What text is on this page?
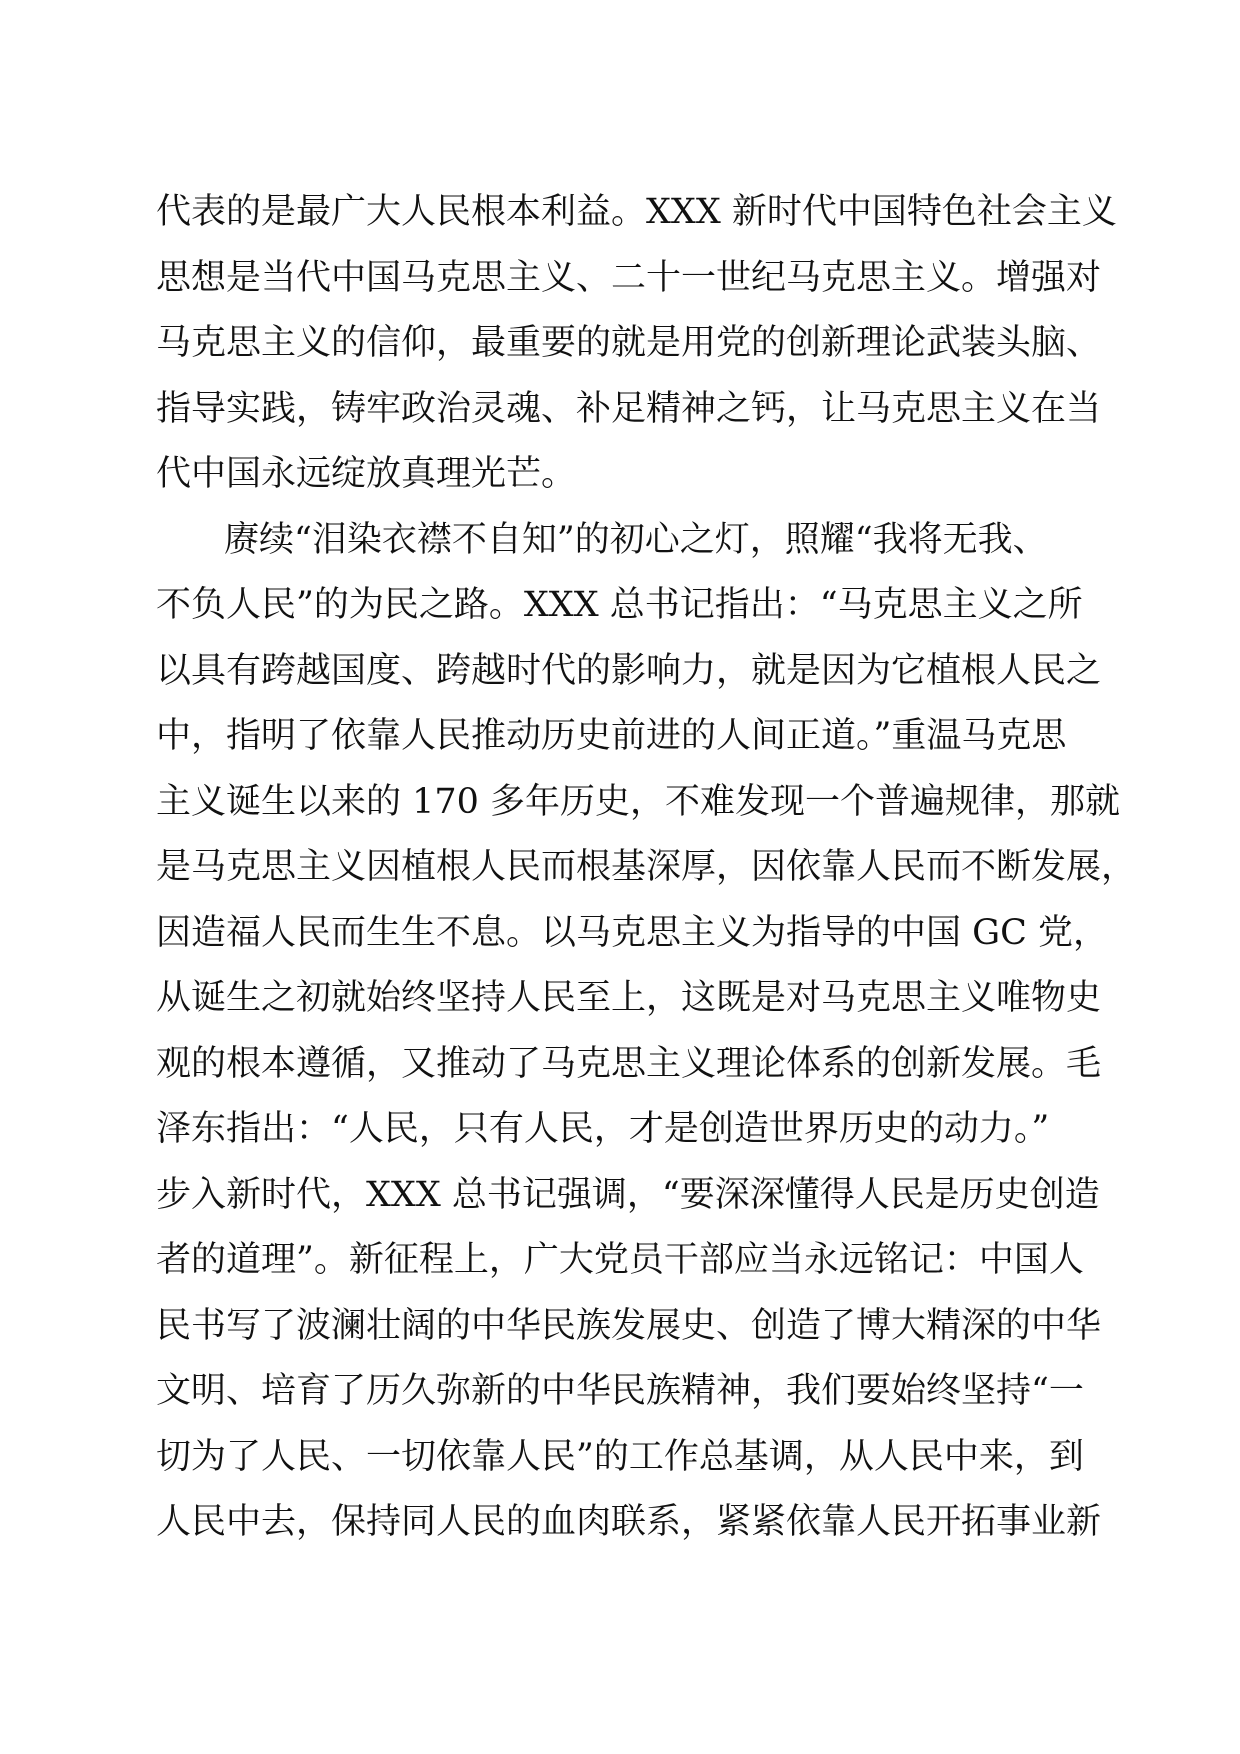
代表的是最广大人民根本利益。XXX 新时代中国特色社会主义
思想是当代中国马克思主义、二十一世纪马克思主义。增强对
马克思主义的信仰，最重要的就是用党的创新理论武装头脑、
指导实践，铸牢政治灵魂、补足精神之钙，让马克思主义在当
代中国永远绽放真理光芒。
赓续“泪染衣襟不自知”的初心之灯，照耀“我将无我、
不负人民”的为民之路。XXX 总书记指出：“马克思主义之所
以具有跨越国度、跨越时代的影响力，就是因为它植根人民之
中，指明了依靠人民推动历史前进的人间正道。”重温马克思
主义诞生以来的 170 多年历史，不难发现一个普遍规律，那就
是马克思主义因植根人民而根基深厚，因依靠人民而不断发展，
因造福人民而生生不息。以马克思主义为指导的中国 GC 党，
从诞生之初就始终坚持人民至上，这既是对马克思主义唯物史
观的根本遵循，又推动了马克思主义理论体系的创新发展。毛
泽东指出：“人民，只有人民，才是创造世界历史的动力。”
步入新时代，XXX 总书记强调，“要深深懂得人民是历史创造
者的道理”。新征程上，广大党员干部应当永远铭记：中国人
民书写了波澜壮阔的中华民族发展史、创造了博大精深的中华
文明、培育了历久弥新的中华民族精神，我们要始终坚持“一
切为了人民、一切依靠人民”的工作总基调，从人民中来，到
人民中去，保持同人民的血肉联系，紧紧依靠人民开拓事业新
